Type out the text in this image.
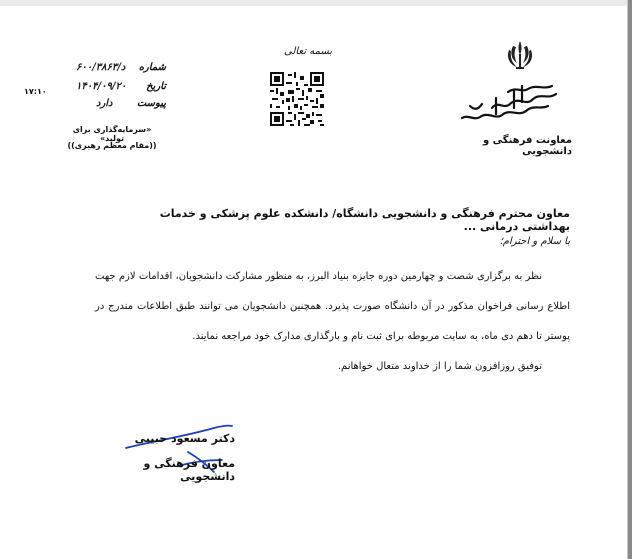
معاونت فرهنگی و دانشجویی
بسمه تعالی
شماره
د/۶۰۰/۳۸۶۳
تاریخ
۱۴۰۴/۰۹/۲۰
پیوست
دارد
۱۷:۱۰
«سرمایه‌گذاری برای تولید»
((مقام معظم رهبری))
معاون محترم فرهنگی و دانشجویی دانشگاه/ دانشکده علوم پزشکی و خدمات بهداشتی درمانی ...
با سلام و احترام؛

نظر به برگزاری شصت و چهارمین دوره جایزه بنیاد البرز، به منظور مشارکت دانشجویان، اقدامات لازم جهت اطلاع رسانی فراخوان مذکور در آن دانشگاه صورت پذیرد. همچنین دانشجویان می توانند طبق اطلاعات مندرج در پوستر تا دهم دی ماه، به سایت مربوطه برای ثبت نام و بارگذاری مدارک خود مراجعه نمایند.

توفیق روزافزون شما را از خداوند متعال خواهانم.

دکتر مسعود حبیبی
معاون فرهنگی و دانشجویی
